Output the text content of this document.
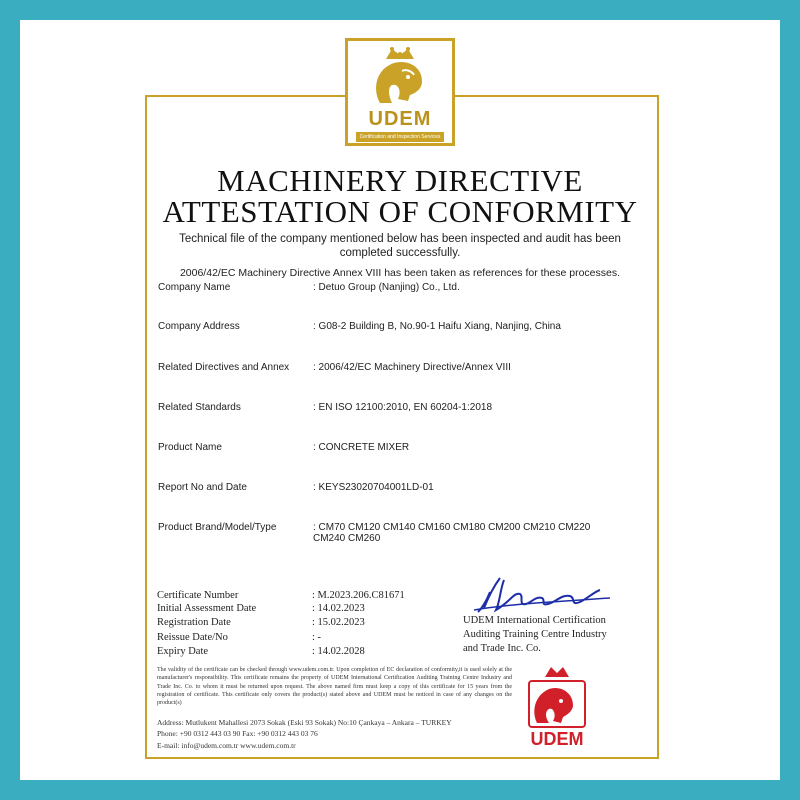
UDEM
Certification and Inspection Services
MACHINERY DIRECTIVE
ATTESTATION OF CONFORMITY
Technical file of the company mentioned below has been inspected and audit has been completed successfully.
2006/42/EC Machinery Directive Annex VIII has been taken as references for these processes.
Company Name	: Detuo Group (Nanjing) Co., Ltd.
Company Address	: G08-2 Building B, No.90-1 Haifu Xiang, Nanjing, China
Related Directives and Annex	: 2006/42/EC Machinery Directive/Annex VIII
Related Standards	: EN ISO 12100:2010, EN 60204-1:2018
Product Name	: CONCRETE MIXER
Report No and Date	: KEYS23020704001LD-01
Product Brand/Model/Type	: CM70 CM120 CM140 CM160 CM180 CM200 CM210 CM220 CM240 CM260
Certificate Number	: M.2023.206.C81671
Initial Assessment Date	: 14.02.2023
Registration Date	: 15.02.2023
Reissue Date/No	: -
Expiry Date	: 14.02.2028
UDEM International Certification
Auditing Training Centre Industry
and Trade Inc. Co.
The validity of the certificate can be checked through www.udem.com.tr. Upon completion of EC declaration of conformity,it is used solely at the manufacturer's responsibility. This certificate remains the property of UDEM International Certification Auditing Training Centre Industry and Trade Inc. Co. to whom it must be returned upon request. The above named firm must keep a copy of this certificate for 15 years from the registration of certificate. This certificate only covers the product(s) stated above and UDEM must be noticed in case of any changes on the product(s)
Address: Mutlukent Mahallesi 2073 Sokak (Eski 93 Sokak) No:10 Çankaya – Ankara – TURKEY
Phone: +90 0312 443 03 90 Fax: +90 0312 443 03 76
E-mail: info@udem.com.tr www.udem.com.tr	UDEM
